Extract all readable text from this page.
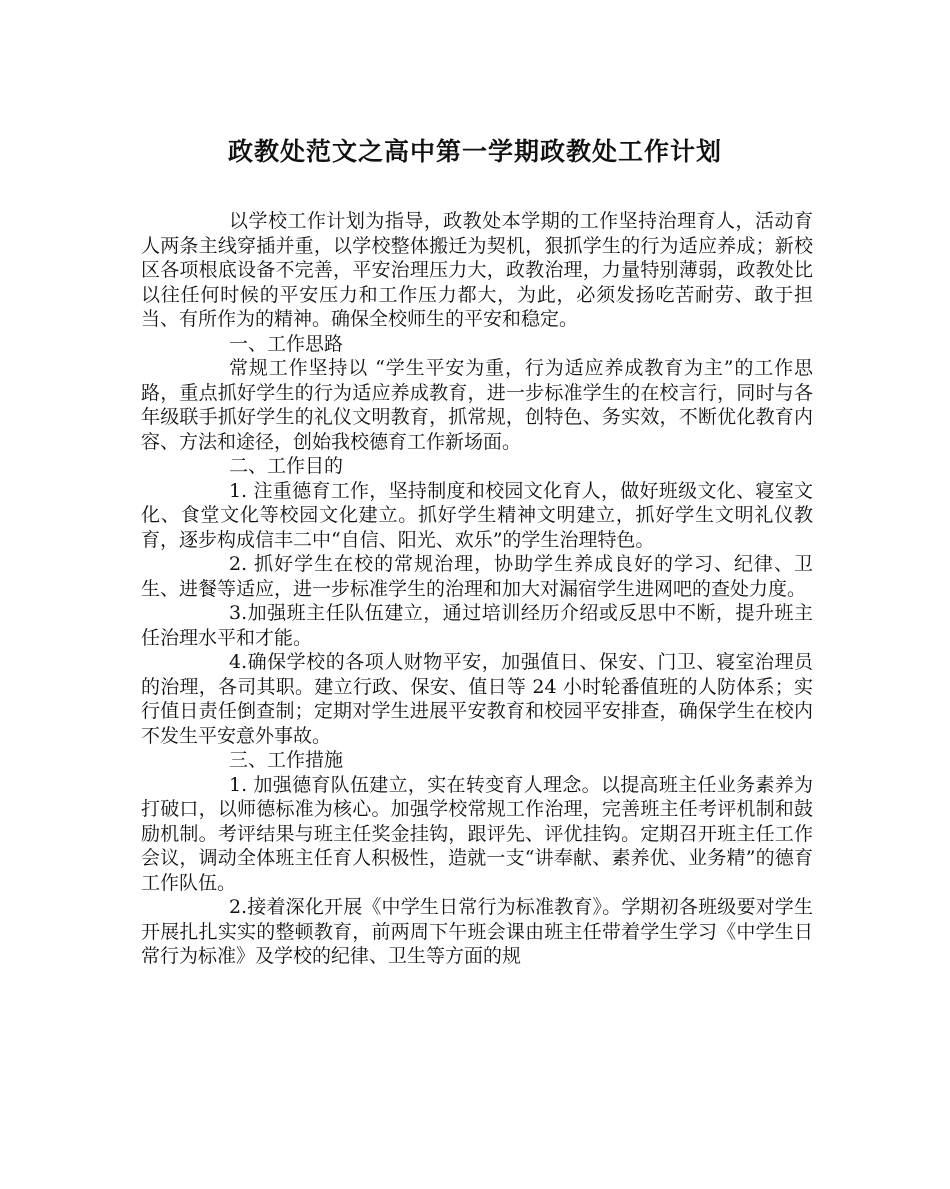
政教处范文之高中第一学期政教处工作计划

以学校工作计划为指导，政教处本学期的工作坚持治理育人，活动育人两条主线穿插并重，以学校整体搬迁为契机，狠抓学生的行为适应养成；新校区各项根底设备不完善，平安治理压力大，政教治理，力量特别薄弱，政教处比以往任何时候的平安压力和工作压力都大，为此，必须发扬吃苦耐劳、敢于担当、有所作为的精神。确保全校师生的平安和稳定。

一、工作思路

常规工作坚持以 “学生平安为重，行为适应养成教育为主”的工作思路，重点抓好学生的行为适应养成教育，进一步标准学生的在校言行，同时与各年级联手抓好学生的礼仪文明教育，抓常规，创特色、务实效，不断优化教育内容、方法和途径，创始我校德育工作新场面。

二、工作目的

1. 注重德育工作，坚持制度和校园文化育人，做好班级文化、寝室文化、食堂文化等校园文化建立。抓好学生精神文明建立，抓好学生文明礼仪教育，逐步构成信丰二中“自信、阳光、欢乐”的学生治理特色。

2. 抓好学生在校的常规治理，协助学生养成良好的学习、纪律、卫生、进餐等适应，进一步标准学生的治理和加大对漏宿学生进网吧的查处力度。

3.加强班主任队伍建立，通过培训经历介绍或反思中不断，提升班主任治理水平和才能。

4.确保学校的各项人财物平安，加强值日、保安、门卫、寝室治理员的治理，各司其职。建立行政、保安、值日等 24 小时轮番值班的人防体系；实行值日责任倒查制；定期对学生进展平安教育和校园平安排查，确保学生在校内不发生平安意外事故。

三、工作措施

1. 加强德育队伍建立，实在转变育人理念。以提高班主任业务素养为打破口，以师德标准为核心。加强学校常规工作治理，完善班主任考评机制和鼓励机制。考评结果与班主任奖金挂钩，跟评先、评优挂钩。定期召开班主任工作会议，调动全体班主任育人积极性，造就一支“讲奉献、素养优、业务精”的德育工作队伍。

2.接着深化开展《中学生日常行为标准教育》。学期初各班级要对学生开展扎扎实实的整顿教育，前两周下午班会课由班主任带着学生学习《中学生日常行为标准》及学校的纪律、卫生等方面的规
